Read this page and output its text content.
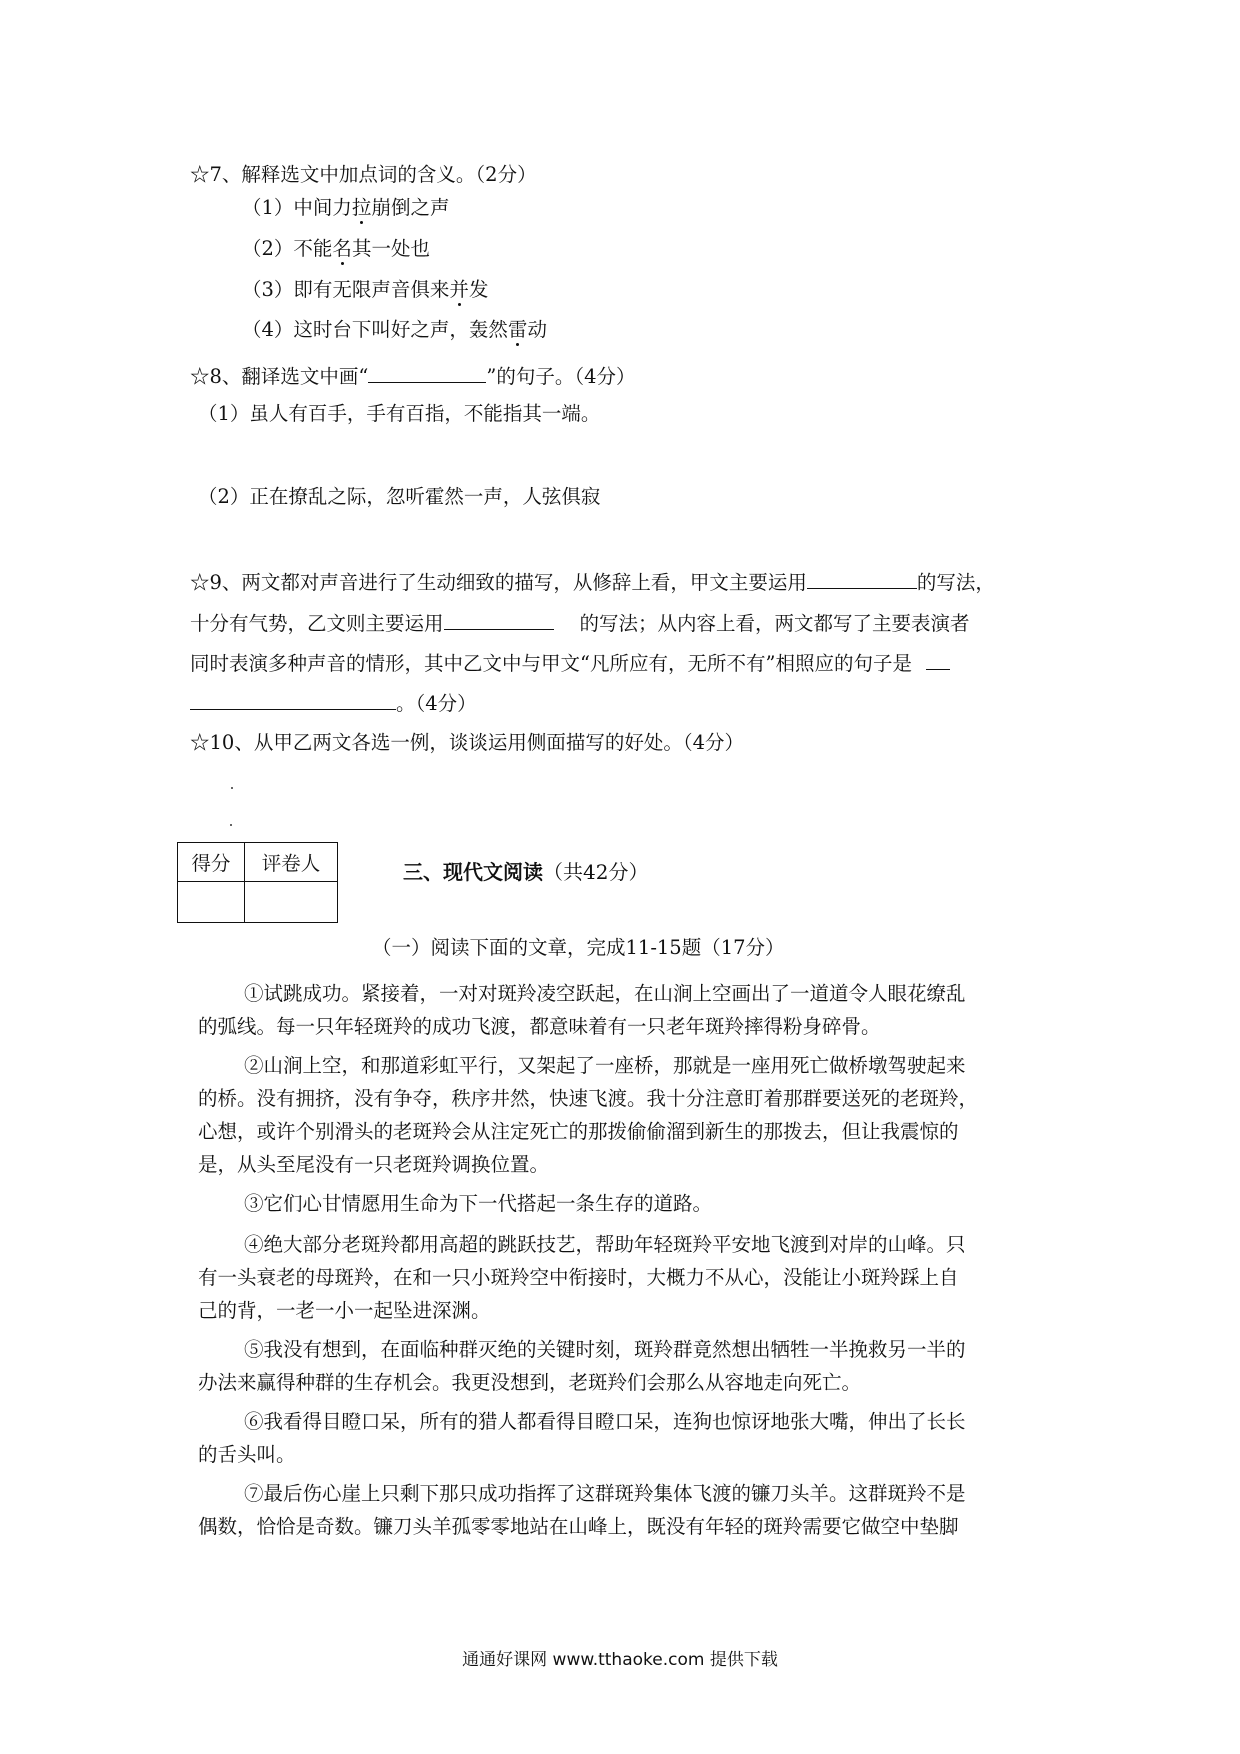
☆7、解释选文中加点词的含义。（2分）
（1）中间力拉崩倒之声
（2）不能名其一处也
（3）即有无限声音俱来并发
（4）这时台下叫好之声，轰然雷动
☆8、翻译选文中画“	”的句子。（4分）
（1）虽人有百手，手有百指，不能指其一端。
（2）正在撩乱之际，忽听霍然一声，人弦俱寂
☆9、两文都对声音进行了生动细致的描写，从修辞上看，甲文主要运用	的写法，
十分有气势，乙文则主要运用	的写法；从内容上看，两文都写了主要表演者
同时表演多种声音的情形，其中乙文中与甲文“凡所应有，无所不有”相照应的句子是
。（4分）
☆10、从甲乙两文各选一例，谈谈运用侧面描写的好处。（4分）
得分	评卷人
		三、现代文阅读（共42分）
（一）阅读下面的文章，完成11-15题（17分）
①试跳成功。紧接着，一对对斑羚凌空跃起，在山涧上空画出了一道道令人眼花缭乱
的弧线。每一只年轻斑羚的成功飞渡，都意味着有一只老年斑羚摔得粉身碎骨。
②山涧上空，和那道彩虹平行，又架起了一座桥，那就是一座用死亡做桥墩驾驶起来
的桥。没有拥挤，没有争夺，秩序井然，快速飞渡。我十分注意盯着那群要送死的老斑羚，
心想，或许个别滑头的老斑羚会从注定死亡的那拨偷偷溜到新生的那拨去，但让我震惊的
是，从头至尾没有一只老斑羚调换位置。
③它们心甘情愿用生命为下一代搭起一条生存的道路。
④绝大部分老斑羚都用高超的跳跃技艺，帮助年轻斑羚平安地飞渡到对岸的山峰。只
有一头衰老的母斑羚，在和一只小斑羚空中衔接时，大概力不从心，没能让小斑羚踩上自
己的背，一老一小一起坠进深渊。
⑤我没有想到，在面临种群灭绝的关键时刻，斑羚群竟然想出牺牲一半挽救另一半的
办法来赢得种群的生存机会。我更没想到，老斑羚们会那么从容地走向死亡。
⑥我看得目瞪口呆，所有的猎人都看得目瞪口呆，连狗也惊讶地张大嘴，伸出了长长
的舌头叫。
⑦最后伤心崖上只剩下那只成功指挥了这群斑羚集体飞渡的镰刀头羊。这群斑羚不是
偶数，恰恰是奇数。镰刀头羊孤零零地站在山峰上，既没有年轻的斑羚需要它做空中垫脚
通通好课网 www.tthaoke.com 提供下载
